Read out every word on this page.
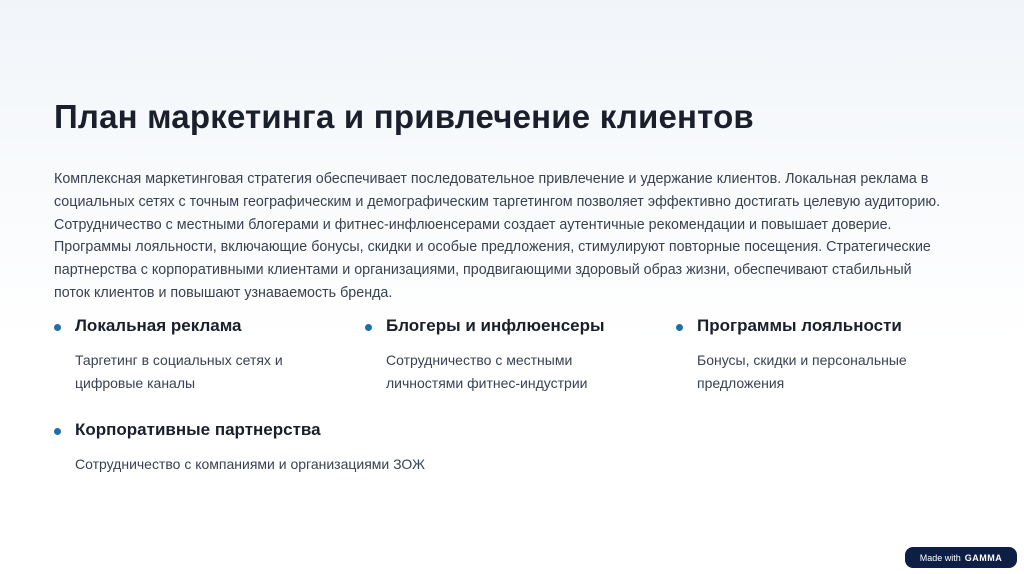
План маркетинга и привлечение клиентов

Комплексная маркетинговая стратегия обеспечивает последовательное привлечение и удержание клиентов. Локальная реклама в
социальных сетях с точным географическим и демографическим таргетингом позволяет эффективно достигать целевую аудиторию.
Сотрудничество с местными блогерами и фитнес-инфлюенсерами создает аутентичные рекомендации и повышает доверие.
Программы лояльности, включающие бонусы, скидки и особые предложения, стимулируют повторные посещения. Стратегические
партнерства с корпоративными клиентами и организациями, продвигающими здоровый образ жизни, обеспечивают стабильный
поток клиентов и повышают узнаваемость бренда.

Локальная реклама

Таргетинг в социальных сетях и
цифровые каналы

Блогеры и инфлюенсеры

Сотрудничество с местными
личностями фитнес-индустрии

Программы лояльности

Бонусы, скидки и персональные
предложения

Корпоративные партнерства

Сотрудничество с компаниями и организациями ЗОЖ

Made with GAMMA
